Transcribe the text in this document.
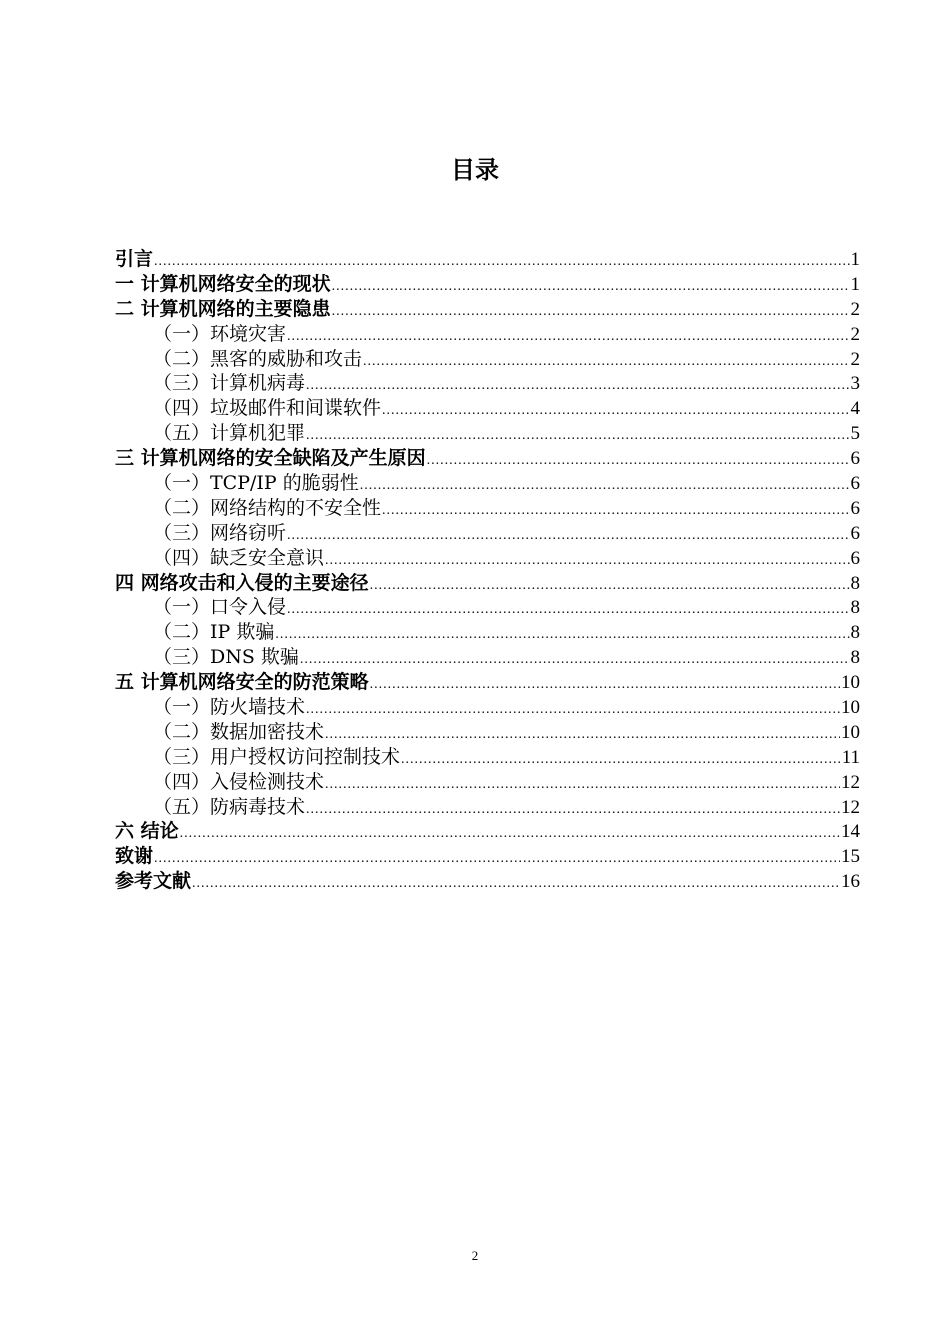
目录
引言 .....	1
一 计算机网络安全的现状 .....	1
二 计算机网络的主要隐患 .....	2
（一）环境灾害 .....	2
（二）黑客的威胁和攻击 .....	2
（三）计算机病毒 .....	3
（四）垃圾邮件和间谍软件 .....	4
（五）计算机犯罪 .....	5
三 计算机网络的安全缺陷及产生原因 .....	6
（一）TCP/IP 的脆弱性 .....	6
（二）网络结构的不安全性 .....	6
（三）网络窃听 .....	6
（四）缺乏安全意识 .....	6
四 网络攻击和入侵的主要途径 .....	8
（一）口令入侵 .....	8
（二）IP 欺骗 .....	8
（三）DNS 欺骗 .....	8
五 计算机网络安全的防范策略 .....	10
（一）防火墙技术 .....	10
（二）数据加密技术 .....	10
（三）用户授权访问控制技术 .....	11
（四）入侵检测技术 .....	12
（五）防病毒技术 .....	12
六 结论 .....	14
致谢 .....	15
参考文献 .....	16
2
